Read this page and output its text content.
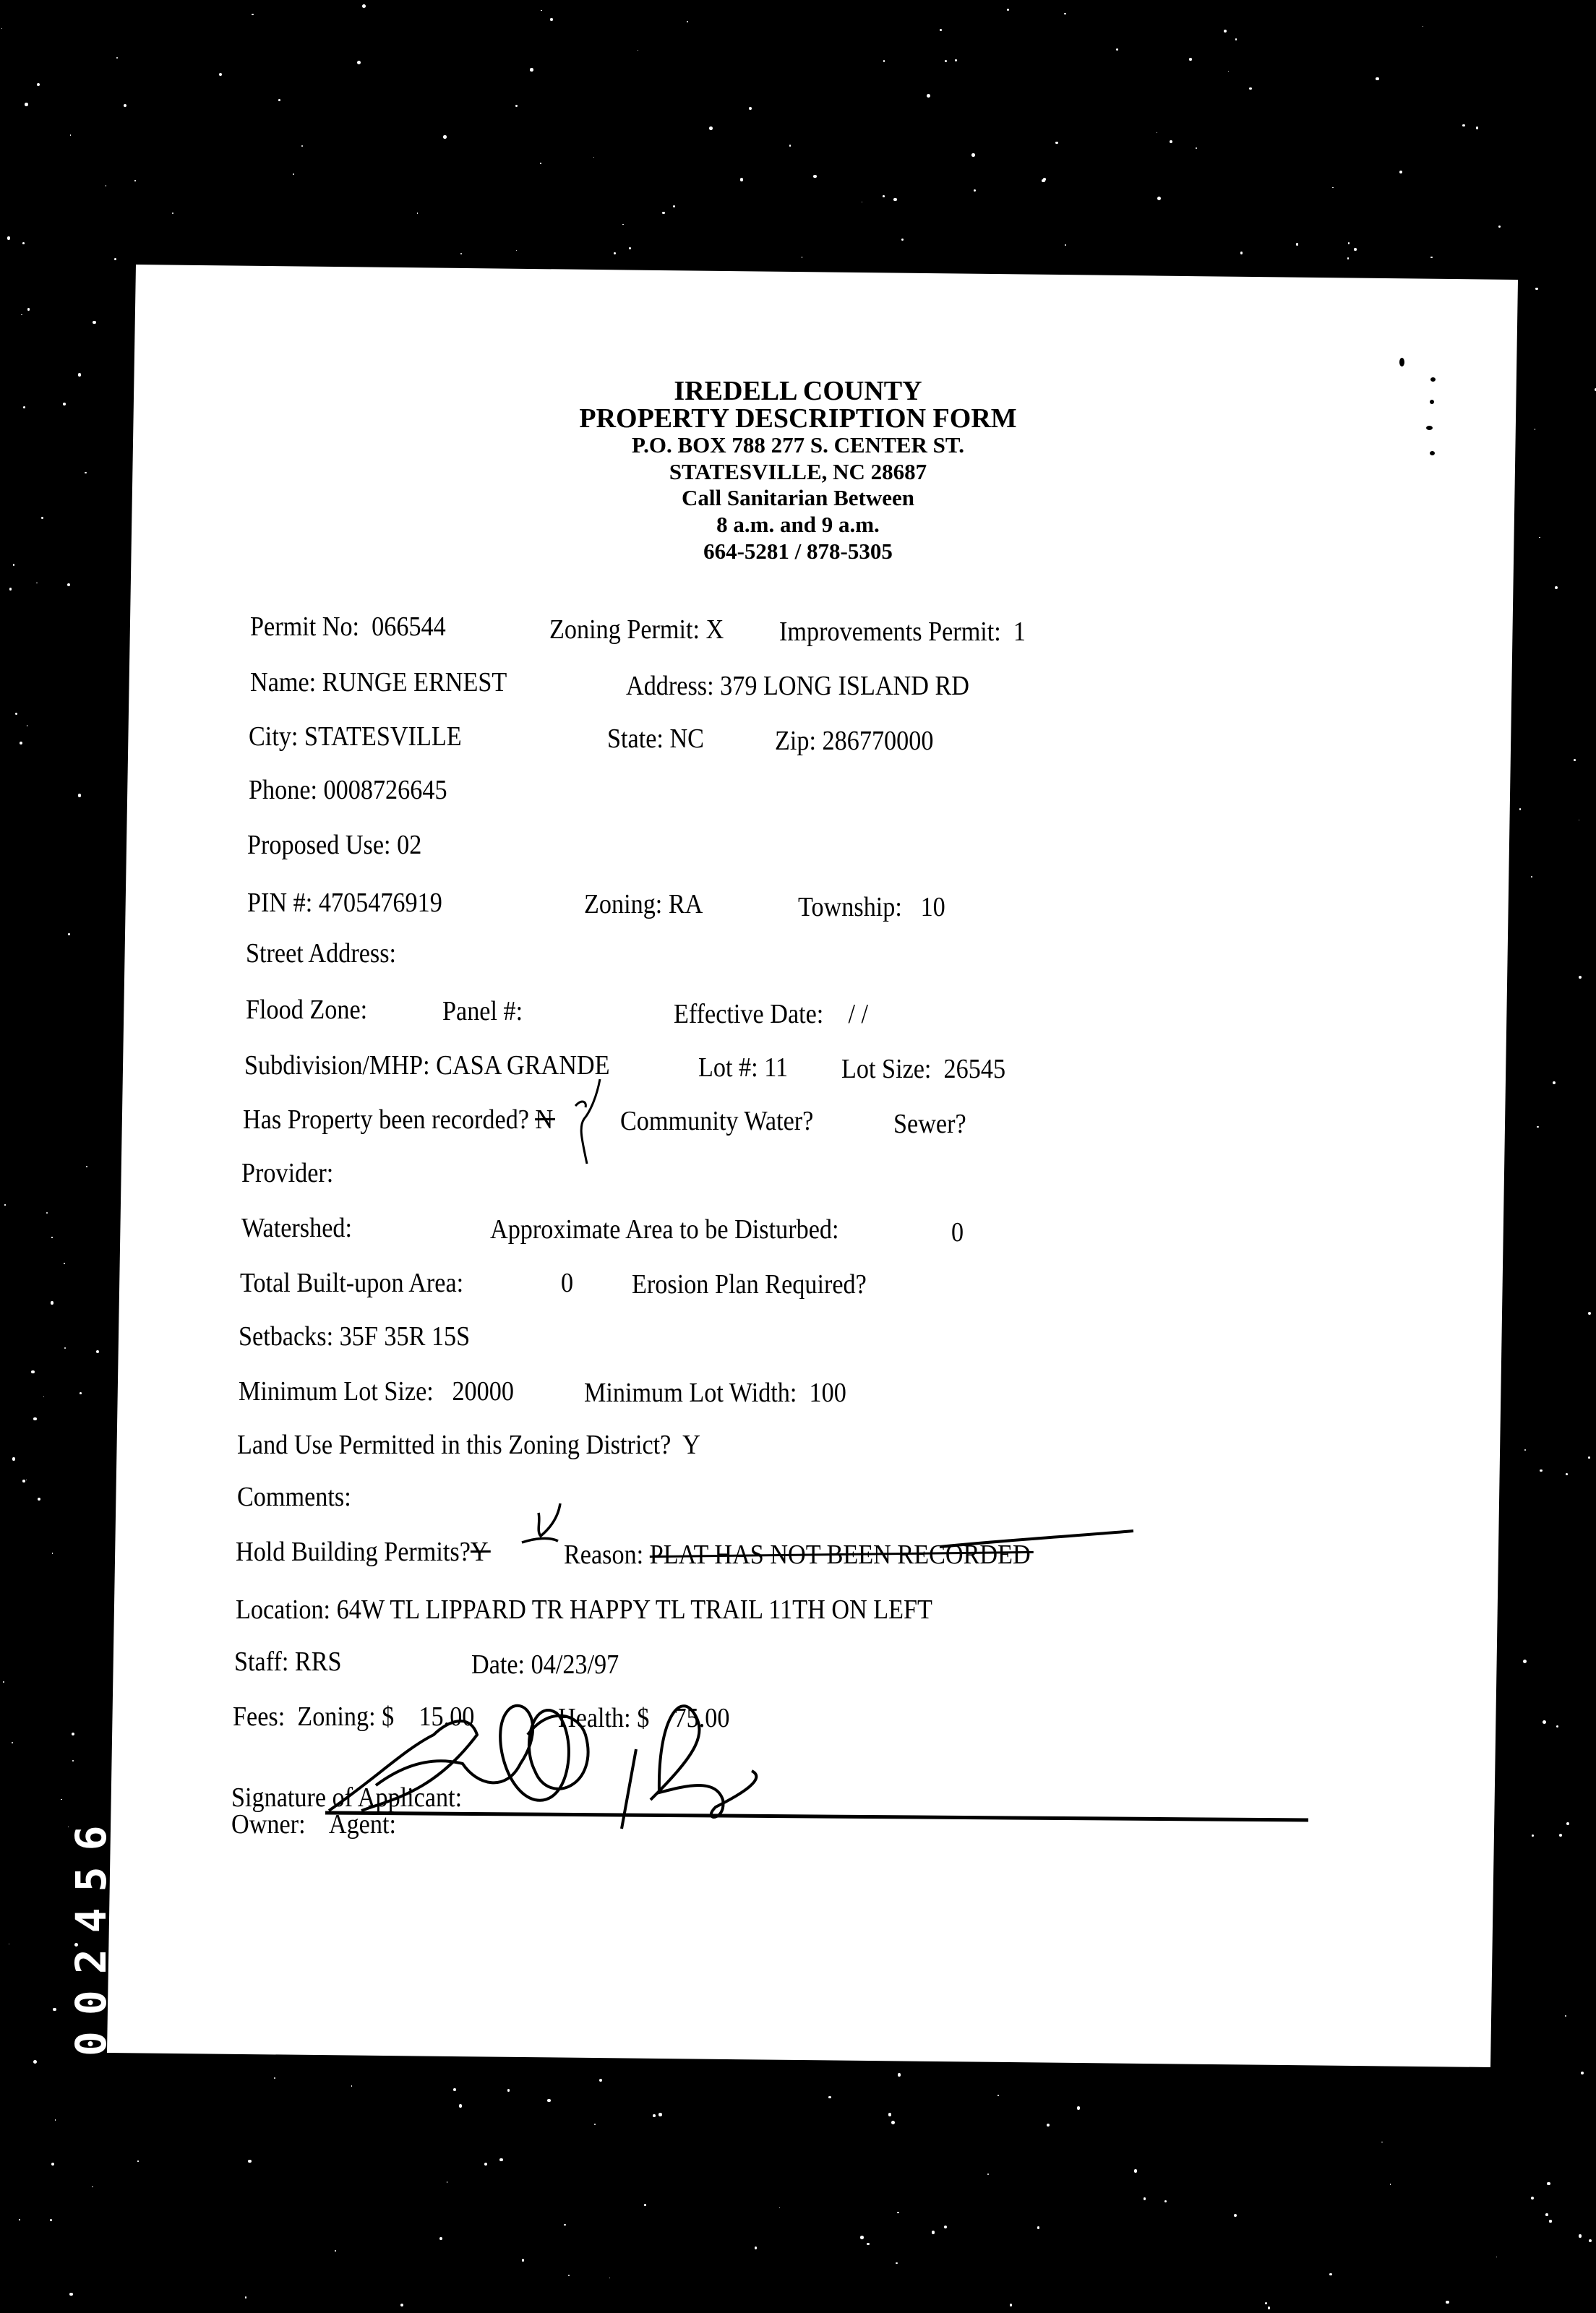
IREDELL COUNTY
PROPERTY DESCRIPTION FORM
P.O. BOX 788 277 S. CENTER ST.
STATESVILLE, NC 28687
Call Sanitarian Between
8 a.m. and 9 a.m.
664-5281 / 878-5305
Permit No: 066544	Zoning Permit: X Improvements Permit: 1
Name: RUNGE ERNEST	Address: 379 LONG ISLAND RD
City: STATESVILLE	State: NC	Zip: 286770000
Phone: 0008726645
Proposed Use: 02
PIN #: 4705476919	Zoning: RA	Township: 10
Street Address:
Flood Zone:	Panel #:	Effective Date: / /
Subdivision/MHP: CASA GRANDE	Lot #: 11 Lot Size: 26545
Has Property been recorded? N Community Water?	Sewer?
Provider:
Watershed:	Approximate Area to be Disturbed:	0
Total Built-upon Area:	0 Erosion Plan Required?
Setbacks: 35F 35R 15S
Minimum Lot Size: 20000	Minimum Lot Width: 100
Land Use Permitted in this Zoning District? Y
Comments:
Hold Building Permits?Y	Reason: PLAT HAS NOT BEEN RECORDED
Location: 64W TL LIPPARD TR HAPPY TL TRAIL 11TH ON LEFT
Staff: RRS	Date: 04/23/97
Fees: Zoning: $ 15.00	Health: $ 75.00
Signature of Applicant:
Owner: Agent:
002456
